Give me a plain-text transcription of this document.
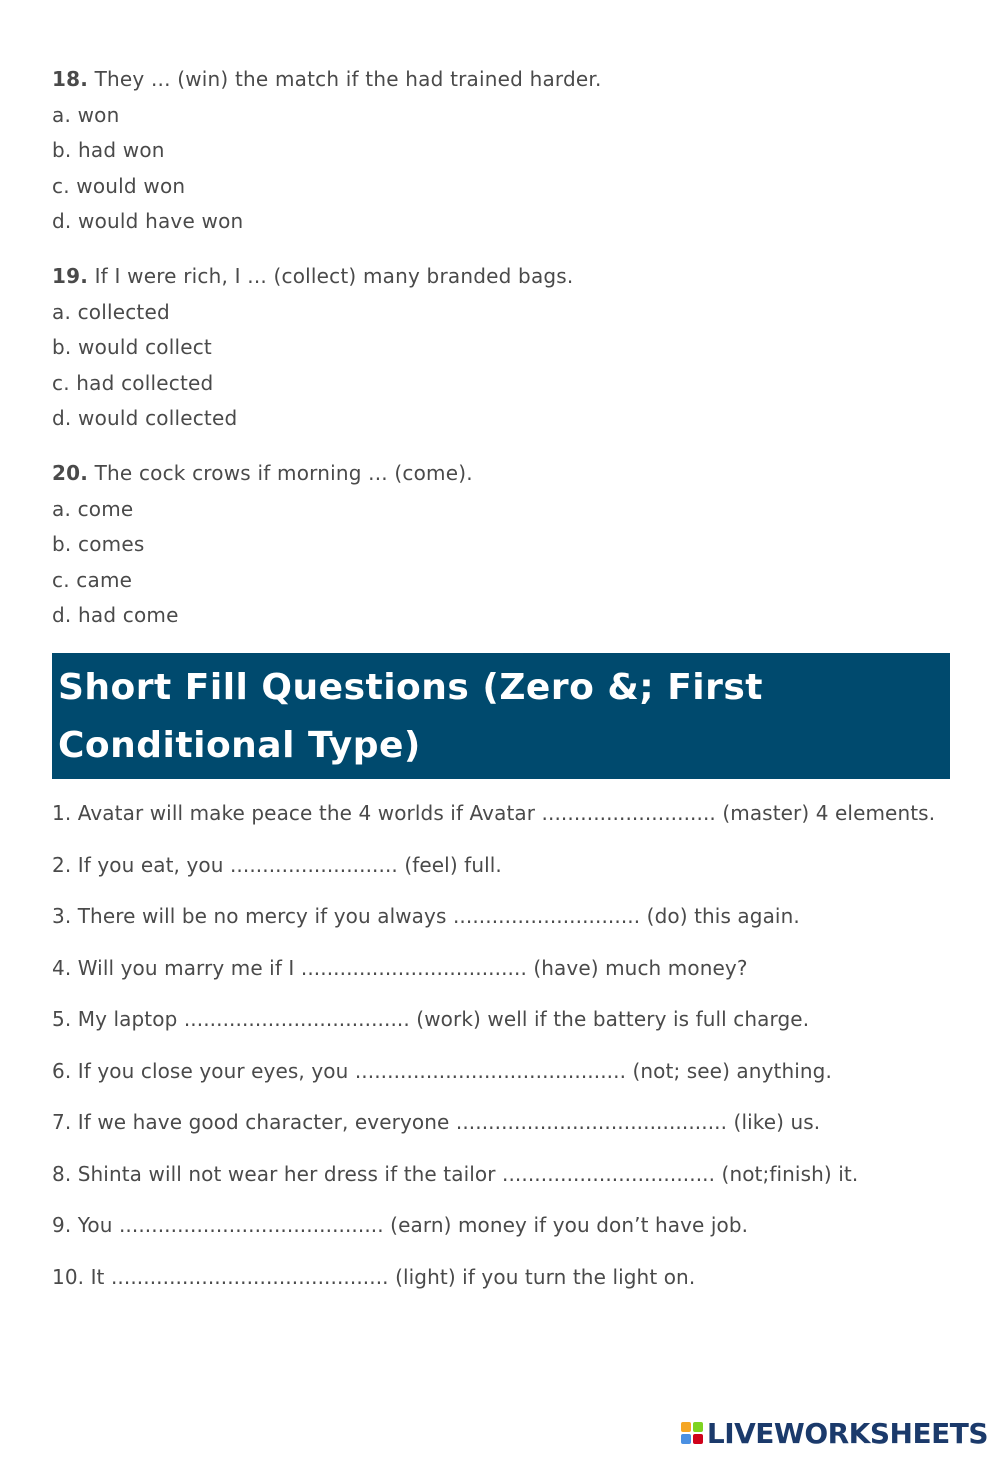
18. They ... (win) the match if the had trained harder.
a. won
b. had won
c. would won
d. would have won
19. If I were rich, I ... (collect) many branded bags.
a. collected
b. would collect
c. had collected
d. would collected
20. The cock crows if morning ... (come).
a. come
b. comes
c. came
d. had come
Short Fill Questions (Zero &; First
Conditional Type)
1. Avatar will make peace the 4 worlds if Avatar ........................... (master) 4 elements.
2. If you eat, you .......................... (feel) full.
3. There will be no mercy if you always ............................. (do) this again.
4. Will you marry me if I ................................... (have) much money?
5. My laptop ................................... (work) well if the battery is full charge.
6. If you close your eyes, you .......................................... (not; see) anything.
7. If we have good character, everyone .......................................... (like) us.
8. Shinta will not wear her dress if the tailor ................................. (not;finish) it.
9. You ......................................... (earn) money if you don’t have job.
10. It ........................................... (light) if you turn the light on.
LIVEWORKSHEETS
